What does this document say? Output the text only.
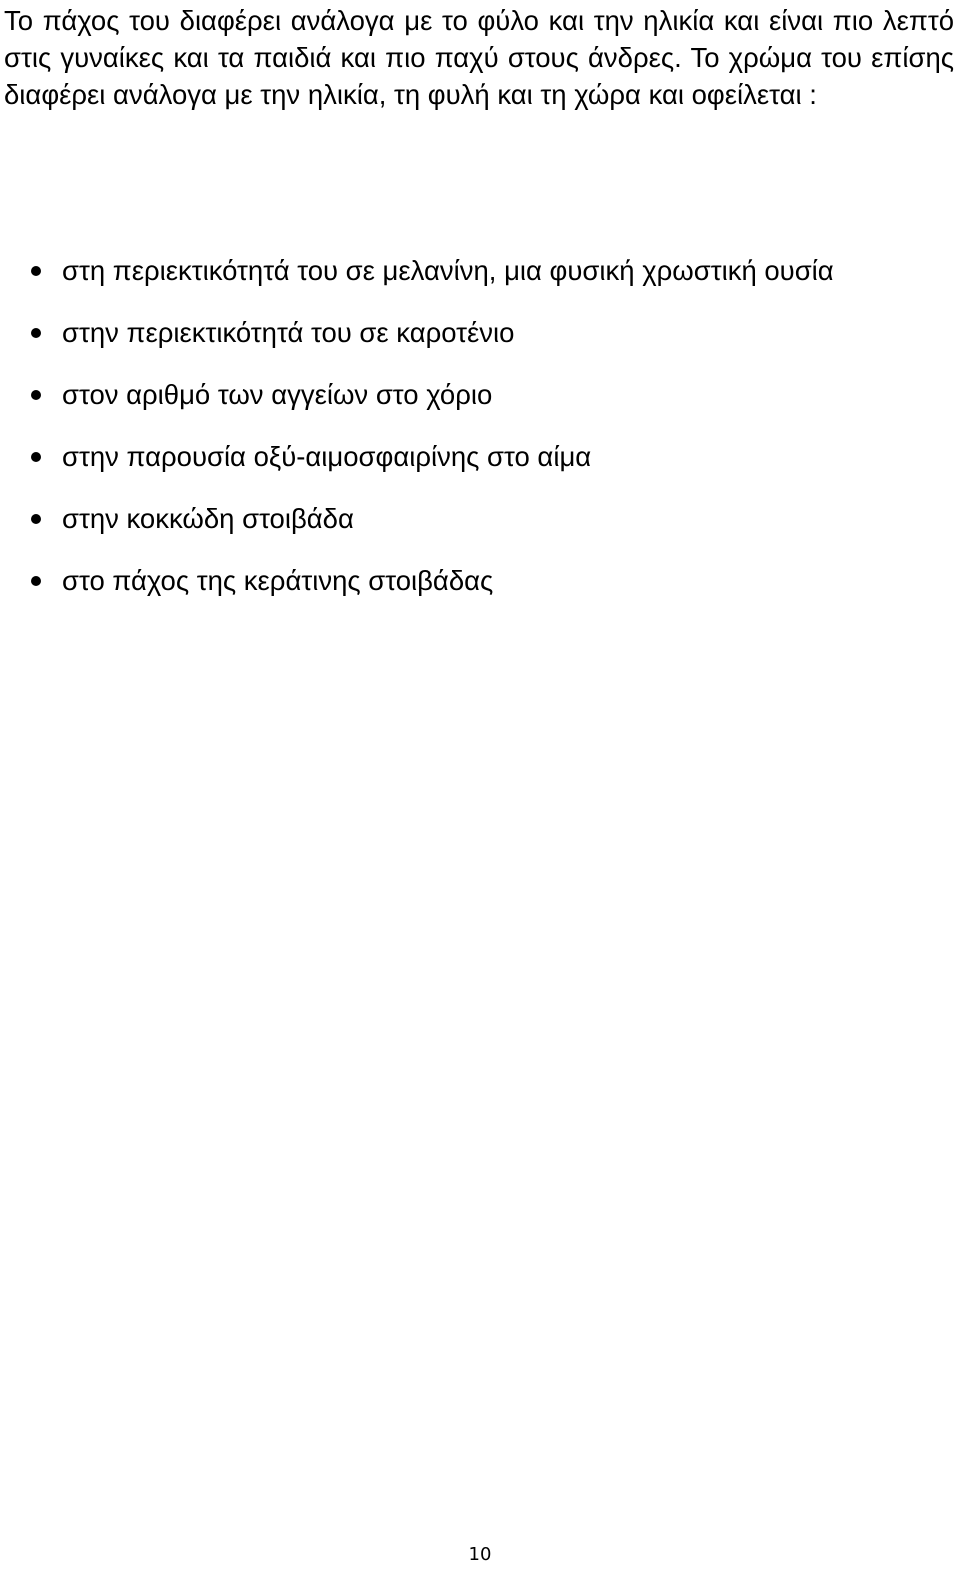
Το πάχος του διαφέρει ανάλογα με το φύλο και την ηλικία και είναι πιο λεπτό στις γυναίκες και τα παιδιά και πιο παχύ στους άνδρες. Το χρώμα του επίσης διαφέρει ανάλογα με την ηλικία, τη φυλή και τη χώρα και οφείλεται :

στη περιεκτικότητά του σε μελανίνη, μια φυσική χρωστική ουσία
στην περιεκτικότητά του σε καροτένιο
στον αριθμό των αγγείων στο χόριο
στην παρουσία οξύ-αιμοσφαιρίνης στο αίμα
στην κοκκώδη στοιβάδα
στο πάχος της κεράτινης στοιβάδας
10
